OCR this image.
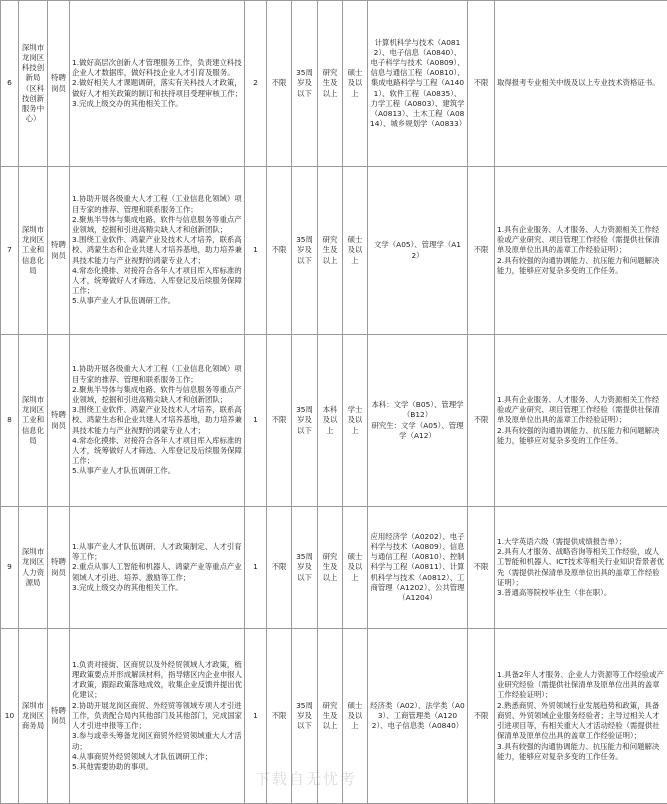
6	深圳市龙岗区科技创新局（区科技创新服务中心）	特聘岗员	1.做好高层次创新人才管理服务工作，负责建立科技企业人才数据库，做好科技企业人才引育及服务。
2.做好相关人才课题调研，落实有关科技人才政策，做好人才相关政策的制订和扶持项目受理审核工作；
3.完成上级交办的其他相关工作。	2	不限	35周岁及以下	研究生及以上	硕士及以上	计算机科学与技术（A0812）、电子信息（A0840）、电子科学与技术（A0809）、信息与通信工程（A0810）、集成电路科学与工程（A1401）、软件工程（A0835）、力学工程（A0803）、建筑学（A0813）、土木工程（A0814）、城乡规划学（A0833）	不限	取得报考专业相关中级及以上专业技术资格证书。

7	深圳市龙岗区工业和信息化局	特聘岗员	1.协助开展各级重大人才工程（工业信息化领域）项目专家的推荐、管理和联系服务工作；
2.聚焦半导体与集成电路、软件与信息服务等重点产业领域，挖掘和引进高精尖缺人才和创新团队；
3.围绕工业软件、鸿蒙产业及技术人才培养，联系高校、鸿蒙生态和企业共建人才培养基地，助力培养兼具技术能力与产业视野的鸿蒙专业人才；
4.常态化摸排、对接符合各年人才项目库入库标准的人才，统筹做好人才筛选、入库登记及后续服务保障工作；
5.从事产业人才队伍调研工作。	1	不限	35周岁及以下	研究生及以上	硕士及以上	文学（A05）、管理学（A12）	不限	1.具有企业服务、人才服务、人力资源相关工作经验或产业研究、项目管理工作经验（需提供社保清单及原单位出具的盖章工作经验证明）；
2.具有较强的沟通协调能力、抗压能力和问题解决能力，能够应对复杂多变的工作任务。

8	深圳市龙岗区工业和信息化局	特聘岗员	1.协助开展各级重大人才工程（工业信息化领域）项目专家的推荐、管理和联系服务工作；
2.聚焦半导体与集成电路、软件与信息服务等重点产业领域，挖掘和引进高精尖缺人才和创新团队；
3.围绕工业软件、鸿蒙产业及技术人才培养，联系高校、鸿蒙生态和企业共建人才培养基地，助力培养兼具技术能力与产业视野的鸿蒙专业人才；
4.常态化摸排、对接符合各年人才项目库入库标准的人才，统筹做好人才筛选、入库登记及后续服务保障工作；
5.从事产业人才队伍调研工作。	1	不限	35周岁及以下	本科及以上	学士及以上	本科：文学（B05）、管理学（B12）
研究生：文学（A05）、管理学（A12）	不限	1.具有企业服务、人才服务、人力资源相关工作经验或产业研究、项目管理工作经验（需提供社保清单及原单位出具的盖章工作经验证明）；
2.具有较强的沟通协调能力、抗压能力和问题解决能力，能够应对复杂多变的工作任务。

9	深圳市龙岗区人力资源局	特聘岗员	1.从事产业人才队伍调研、人才政策制定、人才引育等工作；
2.重点从事人工智能和机器人、鸿蒙产业等重点产业领域人才引进、培养、激励等工作；
3.完成上级交办的其他相关工作。	1	不限	35周岁及以下	研究生及以上	硕士及以上	应用经济学（A0202）、电子科学与技术（A0809）、信息与通信工程（A0810）、控制科学与工程（A0811）、计算机科学与技术（A0812）、工商管理（A1202）、公共管理（A1204）	不限	1.大学英语六级（需提供成绩报告单）；
2.具有人才服务、战略咨询等相关工作经验，或人工智能和机器人、ICT技术等相关行业知识背景者优先（需提供社保清单及原单位出具的盖章工作经验证明）；
3.普通高等院校毕业生（非在职）。

10	深圳市龙岗区商务局	特聘岗员	1.负责对接街、区商贸以及外经贸领域人才政策，梳理政策要点并形成解读材料，指导辖区内企业申报人才政策，跟踪政策落地成效，收集企业反馈并提出优化建议；
2.协助开展龙岗区商贸、外经贸等领域专项人才引进工作，负责配合局内其他部门及其他部门，完成国家人才引进申报等工作；
3.参与或牵头筹备龙岗区商贸外经贸领域重大人才活动；
4.从事商贸外经贸领域人才队伍调研工作；
5.其他需要协助的事项。	1	不限	35周岁及以下	研究生及以上	硕士及以上	经济类（A02）、法学类（A03）、工商管理类（A1202）、电子信息类（A0840）	不限	1.具备2年人才服务、企业人力资源等工作经验或产业研究经验（需提供社保清单及原单位出具的盖章工作经验证明）；
2.熟悉商贸、外贸领域行业发展趋势和政策，具备商贸、外贸领域企业服务经验者；主导过相关人才引进项目等，有相关重大人才活动经验（需提供社保清单及原单位出具的盖章工作经验证明）；
3.具有较强的沟通协调能力、抗压能力和问题解决能力，能够应对复杂多变的工作任务。
下载自无忧考
